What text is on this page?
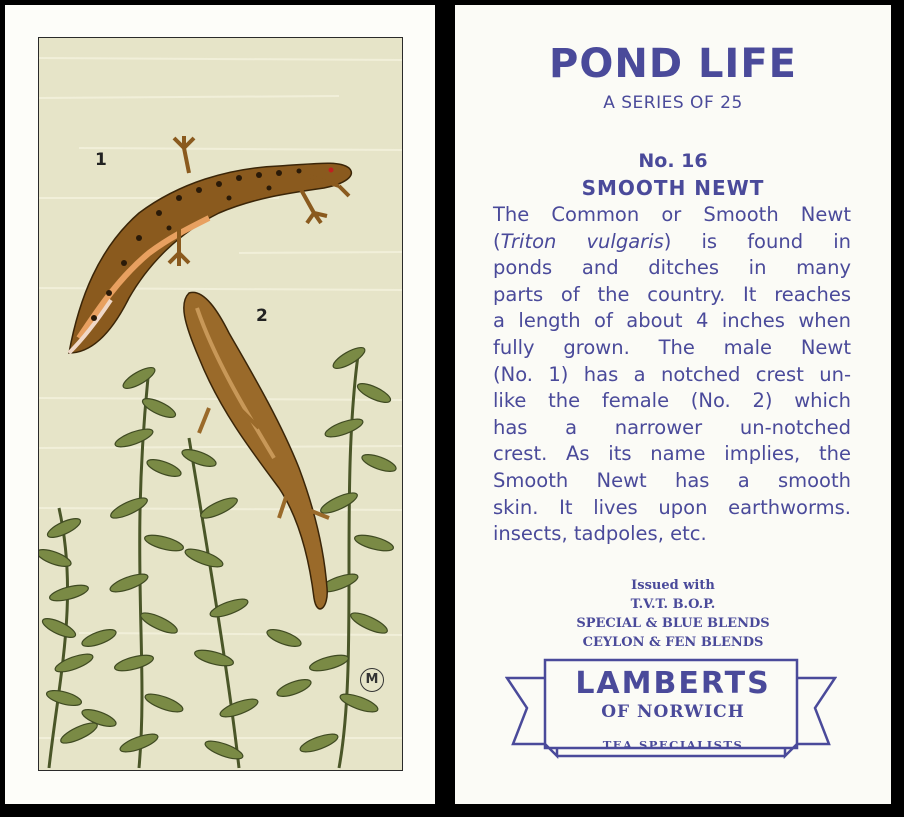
1
2
M
POND LIFE
A SERIES OF 25
No. 16
SMOOTH NEWT
The Common or Smooth Newt
(Triton vulgaris) is found in
ponds and ditches in many
parts of the country. It reaches
a length of about 4 inches when
fully grown. The male Newt
(No. 1) has a notched crest un-
like the female (No. 2) which
has a narrower un-notched
crest. As its name implies, the
Smooth Newt has a smooth
skin. It lives upon earthworms.
insects, tadpoles, etc.
Issued with
T.V.T. B.O.P.
SPECIAL & BLUE BLENDS
CEYLON & FEN BLENDS
LAMBERTS
OF NORWICH
TEA SPECIALISTS
